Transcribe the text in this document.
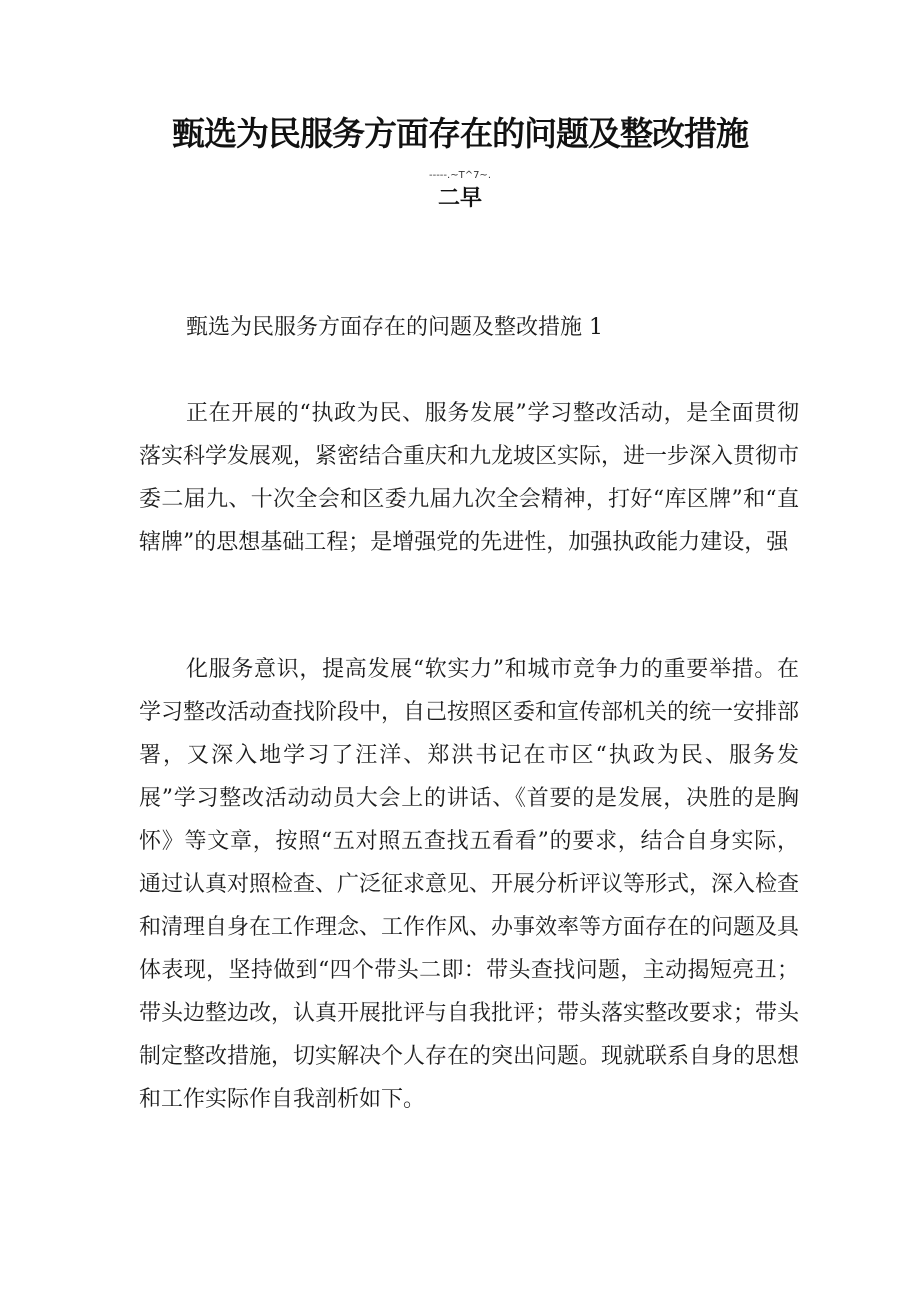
甄选为民服务方面存在的问题及整改措施
-----.~T^7~.
二早
甄选为民服务方面存在的问题及整改措施 1

正在开展的“执政为民、服务发展”学习整改活动，是全面贯彻落实科学发展观，紧密结合重庆和九龙坡区实际，进一步深入贯彻市委二届九、十次全会和区委九届九次全会精神，打好“库区牌”和“直辖牌”的思想基础工程；是增强党的先进性，加强执政能力建设，强

化服务意识，提高发展“软实力”和城市竞争力的重要举措。在学习整改活动查找阶段中，自己按照区委和宣传部机关的统一安排部署，又深入地学习了汪洋、郑洪书记在市区“执政为民、服务发展”学习整改活动动员大会上的讲话、《首要的是发展，决胜的是胸怀》等文章，按照“五对照五查找五看看”的要求，结合自身实际，通过认真对照检查、广泛征求意见、开展分析评议等形式，深入检查和清理自身在工作理念、工作作风、办事效率等方面存在的问题及具体表现，坚持做到“四个带头二即：带头查找问题，主动揭短亮丑；带头边整边改，认真开展批评与自我批评；带头落实整改要求；带头制定整改措施，切实解决个人存在的突出问题。现就联系自身的思想和工作实际作自我剖析如下。
